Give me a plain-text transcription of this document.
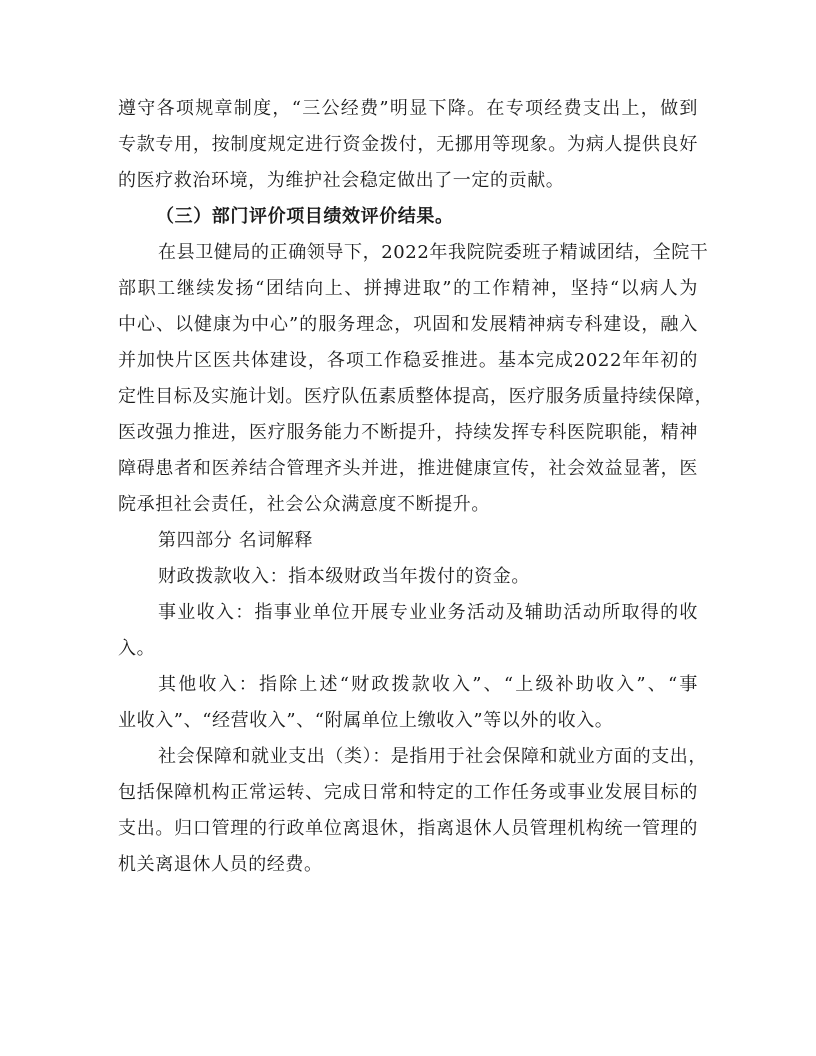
遵守各项规章制度，“三公经费”明显下降。在专项经费支出上，做到
专款专用，按制度规定进行资金拨付，无挪用等现象。为病人提供良好
的医疗救治环境，为维护社会稳定做出了一定的贡献。
（三）部门评价项目绩效评价结果。
在县卫健局的正确领导下，2022年我院院委班子精诚团结，全院干
部职工继续发扬“团结向上、拼搏进取”的工作精神，坚持“以病人为
中心、以健康为中心”的服务理念，巩固和发展精神病专科建设，融入
并加快片区医共体建设，各项工作稳妥推进。基本完成2022年年初的
定性目标及实施计划。医疗队伍素质整体提高，医疗服务质量持续保障，
医改强力推进，医疗服务能力不断提升，持续发挥专科医院职能，精神
障碍患者和医养结合管理齐头并进，推进健康宣传，社会效益显著，医
院承担社会责任，社会公众满意度不断提升。
第四部分 名词解释
财政拨款收入：指本级财政当年拨付的资金。
事业收入：指事业单位开展专业业务活动及辅助活动所取得的收
入。
其他收入：指除上述“财政拨款收入”、“上级补助收入”、“事
业收入”、“经营收入”、“附属单位上缴收入”等以外的收入。
社会保障和就业支出（类）：是指用于社会保障和就业方面的支出，
包括保障机构正常运转、完成日常和特定的工作任务或事业发展目标的
支出。归口管理的行政单位离退休，指离退休人员管理机构统一管理的
机关离退休人员的经费。
